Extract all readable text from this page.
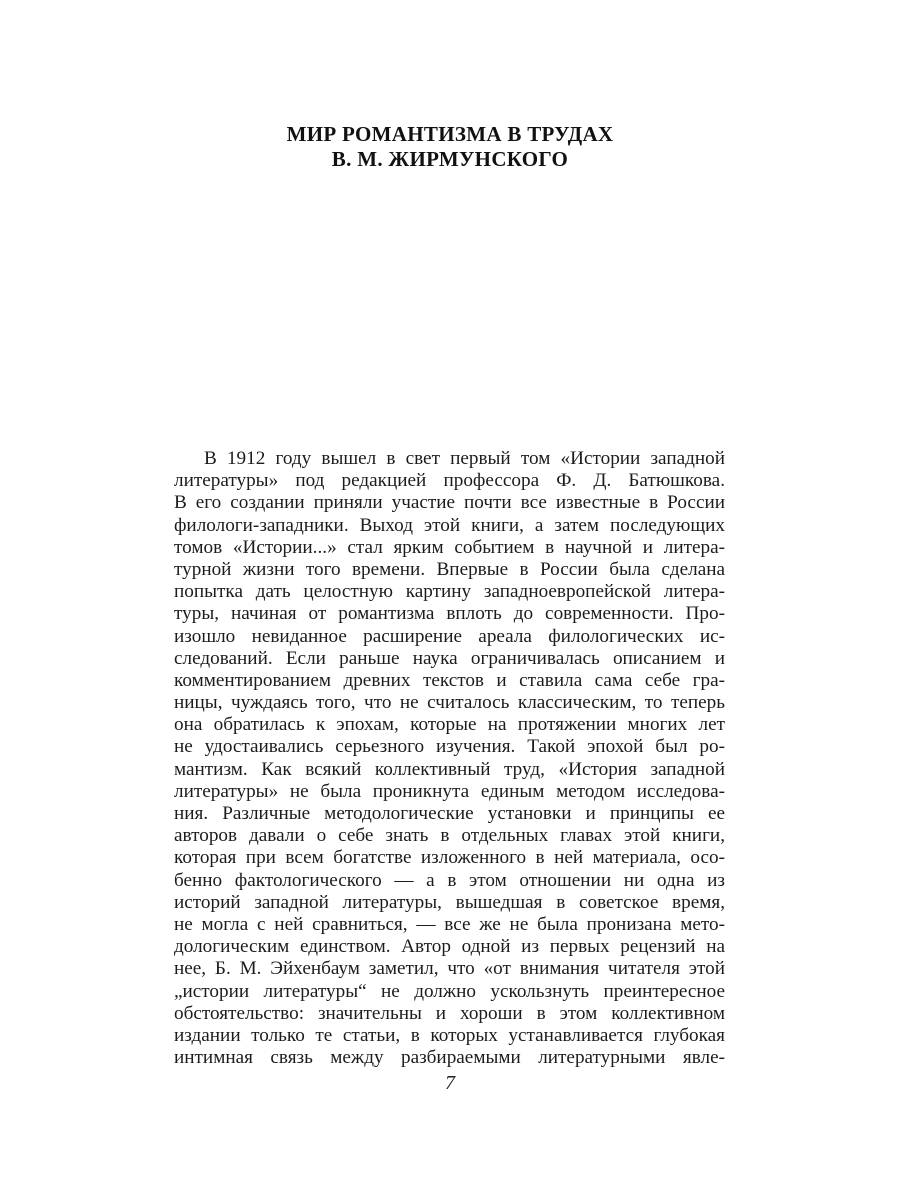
МИР РОМАНТИЗМА В ТРУДАХ
В. М. ЖИРМУНСКОГО
В 1912 году вышел в свет первый том «Истории западной
литературы» под редакцией профессора Ф. Д. Батюшкова.
В его создании приняли участие почти все известные в России
филологи-западники. Выход этой книги, а затем последующих
томов «Истории...» стал ярким событием в научной и литера-
турной жизни того времени. Впервые в России была сделана
попытка дать целостную картину западноевропейской литера-
туры, начиная от романтизма вплоть до современности. Про-
изошло невиданное расширение ареала филологических ис-
следований. Если раньше наука ограничивалась описанием и
комментированием древних текстов и ставила сама себе гра-
ницы, чуждаясь того, что не считалось классическим, то теперь
она обратилась к эпохам, которые на протяжении многих лет
не удостаивались серьезного изучения. Такой эпохой был ро-
мантизм. Как всякий коллективный труд, «История западной
литературы» не была проникнута единым методом исследова-
ния. Различные методологические установки и принципы ее
авторов давали о себе знать в отдельных главах этой книги,
которая при всем богатстве изложенного в ней материала, осо-
бенно фактологического — а в этом отношении ни одна из
историй западной литературы, вышедшая в советское время,
не могла с ней сравниться, — все же не была пронизана мето-
дологическим единством. Автор одной из первых рецензий на
нее, Б. М. Эйхенбаум заметил, что «от внимания читателя этой
„истории литературы“ не должно ускользнуть преинтересное
обстоятельство: значительны и хороши в этом коллективном
издании только те статьи, в которых устанавливается глубокая
интимная связь между разбираемыми литературными явле-
7
